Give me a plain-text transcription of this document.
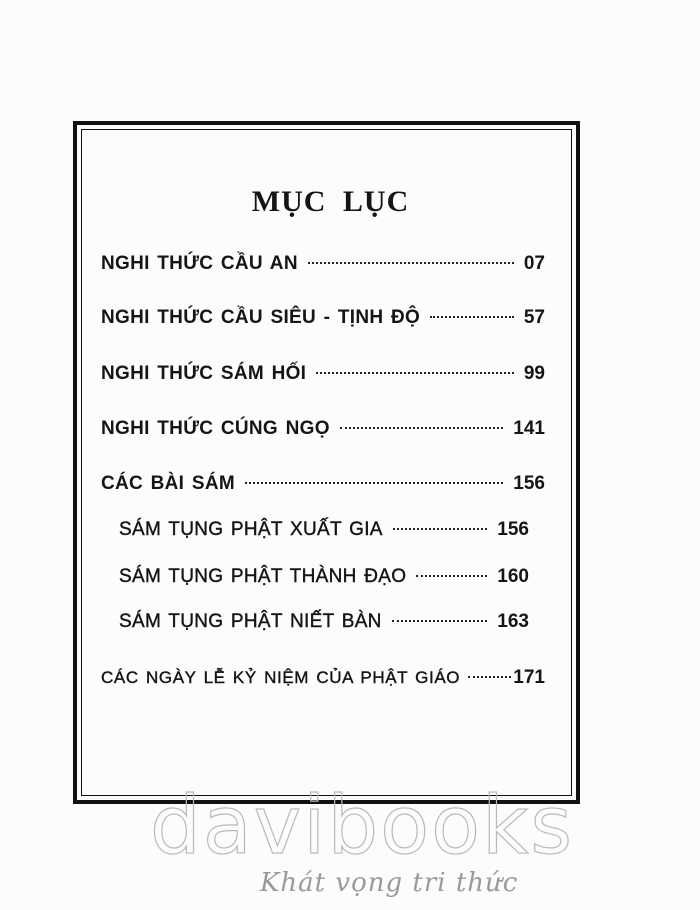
MỤC LỤC
NGHI THỨC CẦU AN	07
NGHI THỨC CẦU SIÊU - TỊNH ĐỘ	57
NGHI THỨC SÁM HỐI	99
NGHI THỨC CÚNG NGỌ	141
CÁC BÀI SÁM	156
SÁM TỤNG PHẬT XUẤT GIA	156
SÁM TỤNG PHẬT THÀNH ĐẠO	160
SÁM TỤNG PHẬT NIẾT BÀN	163
CÁC NGÀY LỄ KỶ NIỆM CỦA PHẬT GIÁO	171
davibooks
Khát vọng tri thức
